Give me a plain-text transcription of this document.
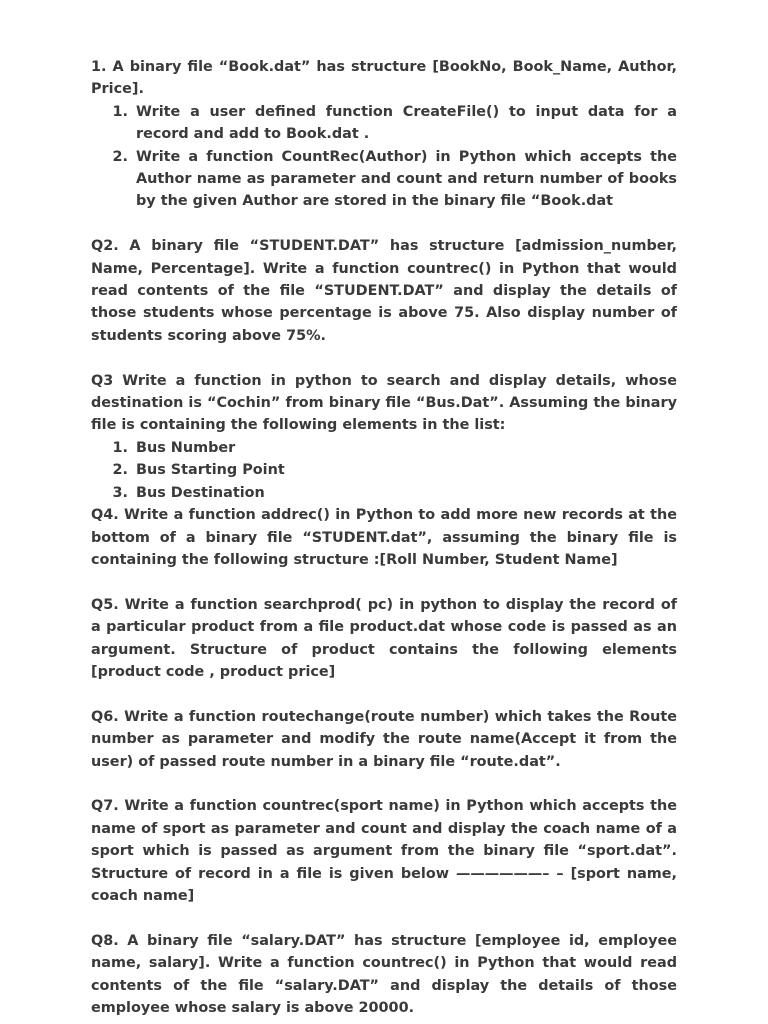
1. A binary file “Book.dat” has structure [BookNo, Book_Name, Author, Price].

1. Write a user defined function CreateFile() to input data for a record and add to Book.dat .
2. Write a function CountRec(Author) in Python which accepts the Author name as parameter and count and return number of books by the given Author are stored in the binary file “Book.dat

Q2. A binary file “STUDENT.DAT” has structure [admission_number, Name, Percentage]. Write a function countrec() in Python that would read contents of the file “STUDENT.DAT” and display the details of those students whose percentage is above 75. Also display number of students scoring above 75%.

Q3 Write a function in python to search and display details, whose destination is “Cochin” from binary file “Bus.Dat”. Assuming the binary file is containing the following elements in the list:

1. Bus Number
2. Bus Starting Point
3. Bus Destination

Q4. Write a function addrec() in Python to add more new records at the bottom of a binary file “STUDENT.dat”, assuming the binary file is containing the following structure :[Roll Number, Student Name]

Q5. Write a function searchprod( pc) in python to display the record of a particular product from a file product.dat whose code is passed as an argument. Structure of product contains the following elements [product code , product price]

Q6. Write a function routechange(route number) which takes the Route number as parameter and modify the route name(Accept it from the user) of passed route number in a binary file “route.dat”.

Q7. Write a function countrec(sport name) in Python which accepts the name of sport as parameter and count and display the coach name of a sport which is passed as argument from the binary file “sport.dat”. Structure of record in a file is given below ——————– – [sport name, coach name]

Q8. A binary file “salary.DAT” has structure [employee id, employee name, salary]. Write a function countrec() in Python that would read contents of the file “salary.DAT” and display the details of those employee whose salary is above 20000.
